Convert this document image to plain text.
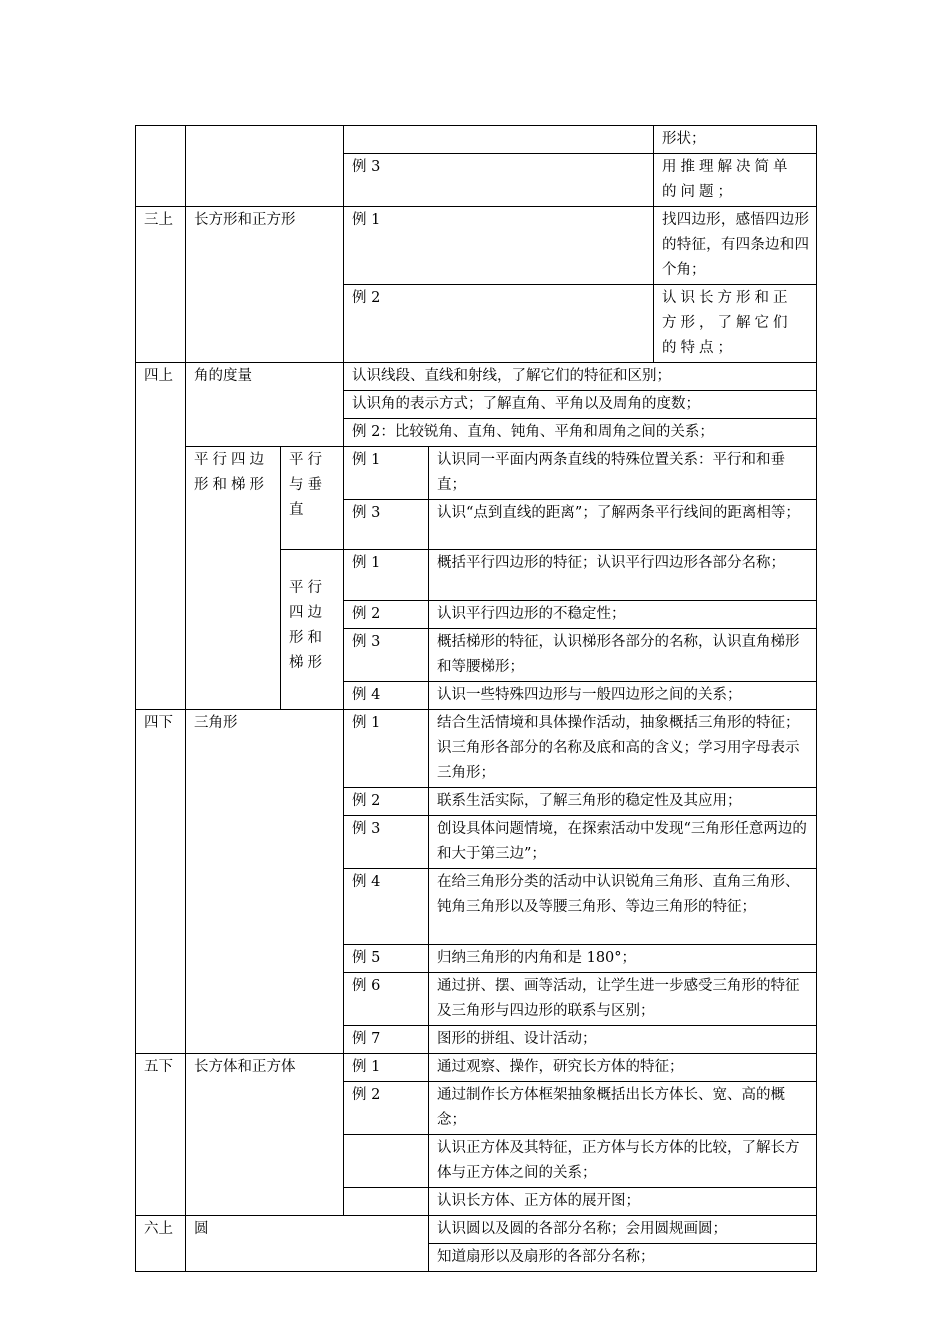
					形状；
			例 3		用推理解决简单的问题；
三上	长方形和正方形		例 1		找四边形，感悟四边形的特征，有四条边和四个角；
			例 2		认识长方形和正方形，了解它们的特点；
四上	角的度量		认识线段、直线和射线，了解它们的特征和区别；		
			认识角的表示方式；了解直角、平角以及周角的度数；		
			例 2：比较锐角、直角、钝角、平角和周角之间的关系；		
	平行四边形和梯形	平行与垂直	例 1	认识同一平面内两条直线的特殊位置关系：平行和和垂直；	
			例 3	认识“点到直线的距离”；了解两条平行线间的距离相等；	
		平行四边形和梯形	例 1	概括平行四边形的特征；认识平行四边形各部分名称；	
			例 2	认识平行四边形的不稳定性；	
			例 3	概括梯形的特征，认识梯形各部分的名称，认识直角梯形和等腰梯形；	
			例 4	认识一些特殊四边形与一般四边形之间的关系；	
四下	三角形		例 1	结合生活情境和具体操作活动，抽象概括三角形的特征；识三角形各部分的名称及底和高的含义；学习用字母表示三角形；	
			例 2	联系生活实际，了解三角形的稳定性及其应用；	
			例 3	创设具体问题情境，在探索活动中发现“三角形任意两边的和大于第三边”；	
			例 4	在给三角形分类的活动中认识锐角三角形、直角三角形、钝角三角形以及等腰三角形、等边三角形的特征；	
			例 5	归纳三角形的内角和是 180°；	
			例 6	通过拼、摆、画等活动，让学生进一步感受三角形的特征及三角形与四边形的联系与区别；	
			例 7	图形的拼组、设计活动；	
五下	长方体和正方体		例 1	通过观察、操作，研究长方体的特征；	
			例 2	通过制作长方体框架抽象概括出长方体长、宽、高的概念；	
				认识正方体及其特征，正方体与长方体的比较，了解长方体与正方体之间的关系；	
				认识长方体、正方体的展开图；	
六上	圆			认识圆以及圆的各部分名称；会用圆规画圆；	
				知道扇形以及扇形的各部分名称；	
